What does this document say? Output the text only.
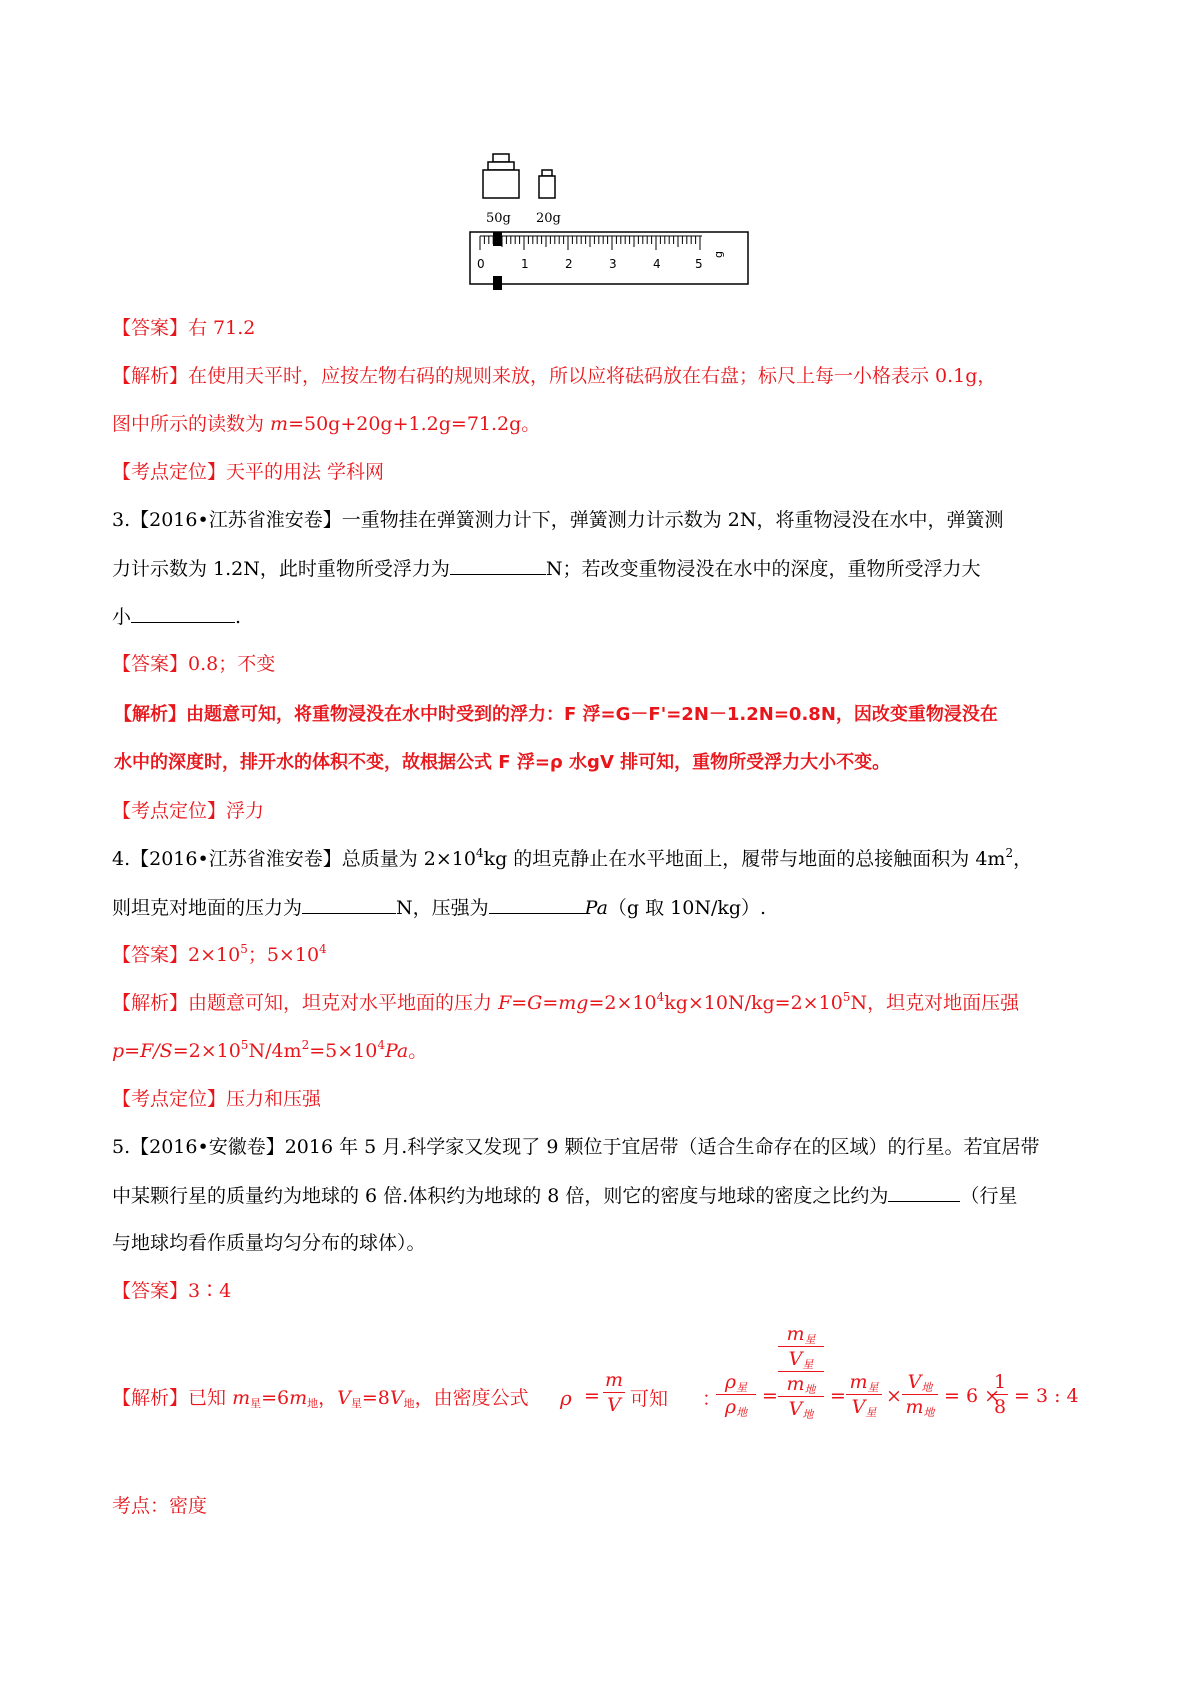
50g 20g
0	1	2	3	4	5
g
【答案】右 71.2
【解析】在使用天平时，应按左物右码的规则来放，所以应将砝码放在右盘；标尺上每一小格表示 0.1g，
图中所示的读数为 m=50g+20g+1.2g=71.2g。
【考点定位】天平的用法 学科网
3.【2016•江苏省淮安卷】一重物挂在弹簧测力计下，弹簧测力计示数为 2N，将重物浸没在水中，弹簧测
力计示数为 1.2N，此时重物所受浮力为	N；若改变重物浸没在水中的深度，重物所受浮力大
小	.
【答案】0.8；不变
【解析】由题意可知，将重物浸没在水中时受到的浮力：F 浮=G－F'=2N－1.2N=0.8N，因改变重物浸没在
水中的深度时，排开水的体积不变，故根据公式 F 浮=ρ 水gV 排可知，重物所受浮力大小不变。
【考点定位】浮力
4.【2016•江苏省淮安卷】总质量为 $2\times 10^4kg$ 的坦克静止在水平地面上，履带与地面的总接触面积为 $4m^2$，
则坦克对地面的压力为	N，压强为	Pa（g 取 10N/kg）.
【答案】$2\times 10^5$；$5\times 10^4$
【解析】由题意可知，坦克对水平地面的压力 $F=G=mg=2\times 10^4kg\times 10N/kg=2\times 10^5N$，坦克对地面压强
$p=F/S=2\times 10^5N/4m^2=5\times 10^4Pa$。
【考点定位】压力和压强
5.【2016•安徽卷】2016 年 5 月.科学家又发现了 9 颗位于宜居带（适合生命存在的区域）的行星。若宜居带
中某颗行星的质量约为地球的 6 倍.体积约为地球的 8 倍，则它的密度与地球的密度之比约为	（行星
与地球均看作质量均匀分布的球体）。
【答案】3∶4
【解析】已知 $m_星=6m_地$，$V_星=8V_地$，由密度公式 ρ =
m
V 可知 ：
$\rho_星$
$\rho_地$
=
$m_星$
$V_星$
$m_地$
$V_地$
=
$m_星$
$V_星$
×
$V_地$
$m_地$
= 6 ×
1
8 = 3 : 4
考点：密度
